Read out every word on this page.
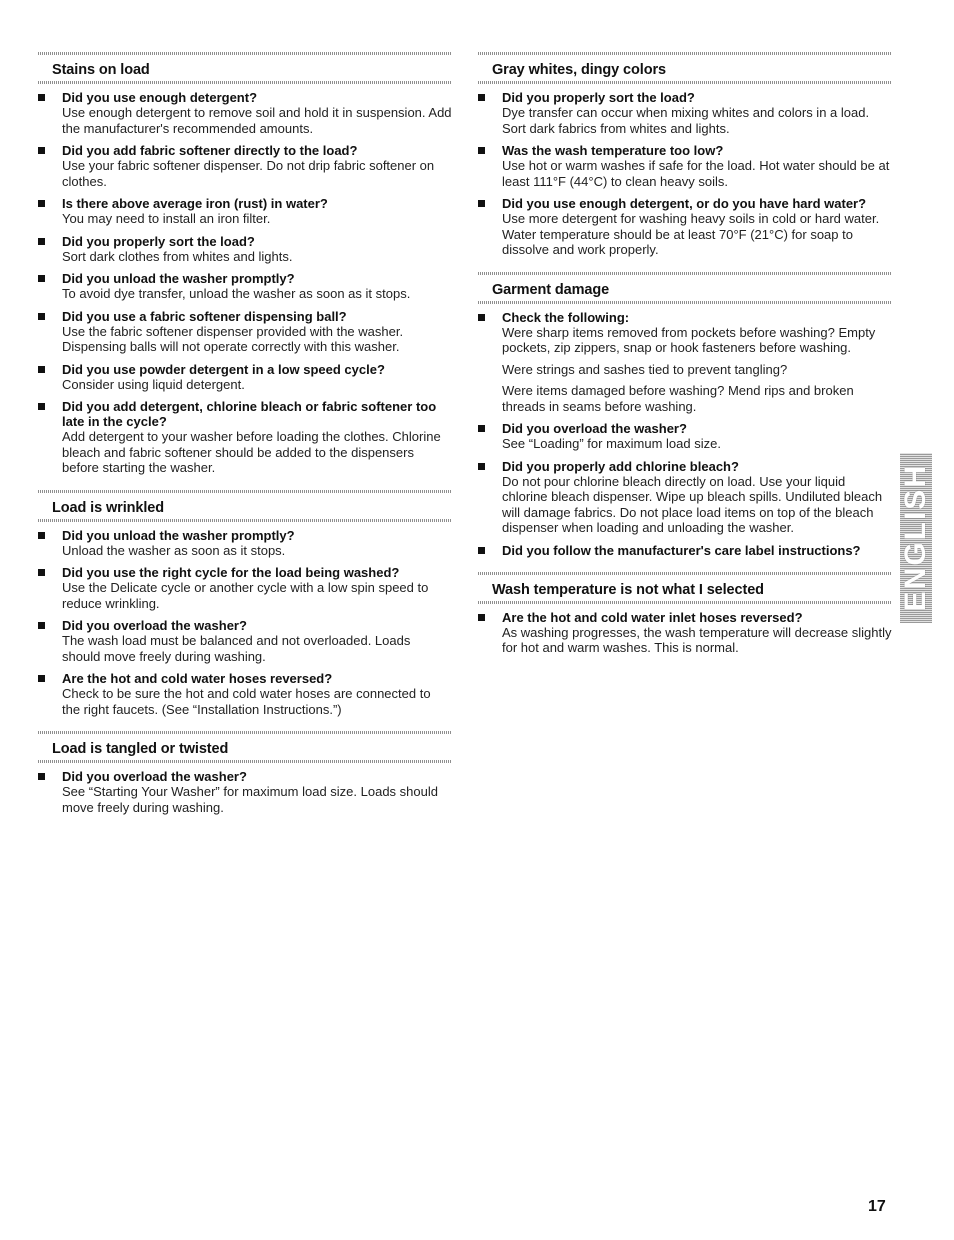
Stains on load
Did you use enough detergent?
Use enough detergent to remove soil and hold it in suspension. Add the manufacturer's recommended amounts.
Did you add fabric softener directly to the load?
Use your fabric softener dispenser. Do not drip fabric softener on clothes.
Is there above average iron (rust) in water?
You may need to install an iron filter.
Did you properly sort the load?
Sort dark clothes from whites and lights.
Did you unload the washer promptly?
To avoid dye transfer, unload the washer as soon as it stops.
Did you use a fabric softener dispensing ball?
Use the fabric softener dispenser provided with the washer. Dispensing balls will not operate correctly with this washer.
Did you use powder detergent in a low speed cycle?
Consider using liquid detergent.
Did you add detergent, chlorine bleach or fabric softener too late in the cycle?
Add detergent to your washer before loading the clothes. Chlorine bleach and fabric softener should be added to the dispensers before starting the washer.
Load is wrinkled
Did you unload the washer promptly?
Unload the washer as soon as it stops.
Did you use the right cycle for the load being washed?
Use the Delicate cycle or another cycle with a low spin speed to reduce wrinkling.
Did you overload the washer?
The wash load must be balanced and not overloaded. Loads should move freely during washing.
Are the hot and cold water hoses reversed?
Check to be sure the hot and cold water hoses are connected to the right faucets. (See “Installation Instructions.”)
Load is tangled or twisted
Did you overload the washer?
See “Starting Your Washer” for maximum load size. Loads should move freely during washing.
Gray whites, dingy colors
Did you properly sort the load?
Dye transfer can occur when mixing whites and colors in a load. Sort dark fabrics from whites and lights.
Was the wash temperature too low?
Use hot or warm washes if safe for the load. Hot water should be at least 111°F (44°C) to clean heavy soils.
Did you use enough detergent, or do you have hard water?
Use more detergent for washing heavy soils in cold or hard water. Water temperature should be at least 70°F (21°C) for soap to dissolve and work properly.
Garment damage
Check the following:
Were sharp items removed from pockets before washing? Empty pockets, zip zippers, snap or hook fasteners before washing.
Were strings and sashes tied to prevent tangling?
Were items damaged before washing? Mend rips and broken threads in seams before washing.
Did you overload the washer?
See “Loading” for maximum load size.
Did you properly add chlorine bleach?
Do not pour chlorine bleach directly on load. Use your liquid chlorine bleach dispenser. Wipe up bleach spills. Undiluted bleach will damage fabrics. Do not place load items on top of the bleach dispenser when loading and unloading the washer.
Did you follow the manufacturer's care label instructions?
Wash temperature is not what I selected
Are the hot and cold water inlet hoses reversed?
As washing progresses, the wash temperature will decrease slightly for hot and warm washes. This is normal.
ENGLISH
17
